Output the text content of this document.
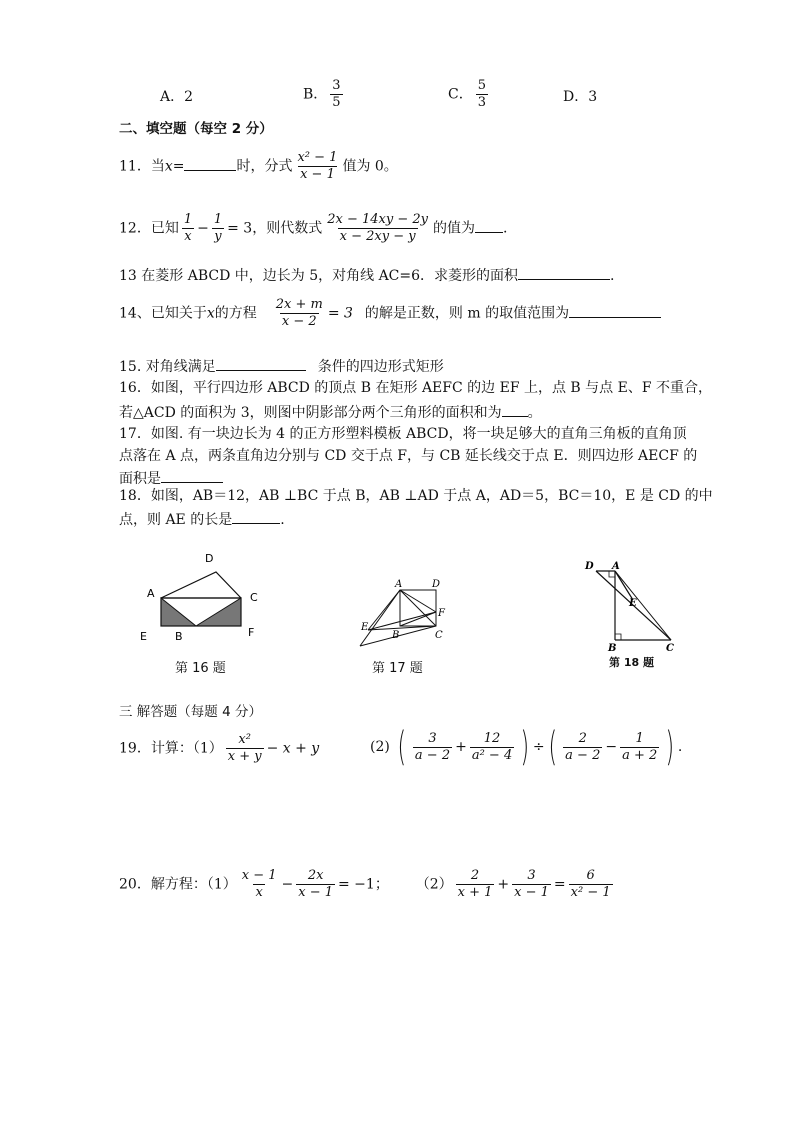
A．2	B． $\frac{3}{5}$	C． $\frac{5}{3}$	D．3
二、填空题（每空 2 分）
11．当x=	时，分式 $\frac{\text{x² − 1}}{x - 1}$ 值为 0。
12．已知 $\frac{1}{x} - \frac{1}{y} = 3$，则代数式 $\frac{2x - 14xy - 2y}{x - 2xy - y}$ 的值为 .
13 在菱形 ABCD 中，边长为 5，对角线 AC=6．求菱形的面积	.
14、已知关于x的方程 $\frac{2x + m}{x - 2} = 3$ 的解是正数，则 m 的取值范围为
15. 对角线满足	条件的四边形式矩形
16．如图，平行四边形 ABCD 的顶点 B 在矩形 AEFC 的边 EF 上，点 B 与点 E、F 不重合，
若△ACD 的面积为 3，则图中阴影部分两个三角形的面积和为 。
17．如图. 有一块边长为 4 的正方形塑料模板 ABCD，将一块足够大的直角三角板的直角顶
点落在 A 点，两条直角边分别与 CD 交于点 F，与 CB 延长线交于点 E．则四边形 AECF 的
面积是
18．如图，AB＝12，AB ⊥BC 于点 B，AB ⊥AD 于点 A，AD＝5，BC＝10，E 是 CD 的中
点，则 AE 的长是	.
D
A	C
E	B	F
第 16 题
A	D
F
E
B	C
第 17 题
D A
E
B	C
第 18 题
三 解答题（每题 4 分）
19．计算：$(1) \frac{\text{x²}}{x + y} - x + y$	(2) ( $\frac{3}{a - 2} + \frac{12}{\text{a² − 4}}$ ) ÷( $\frac{2}{a - 2} - \frac{1}{a + 2}$ ) .
20．解方程：$(1) \frac{x - 1}{x} - \frac{2x}{x - 1} = -1$； $(2) \frac{2}{x + 1} + \frac{3}{x - 1} = \frac{6}{\text{x² − 1}}$
